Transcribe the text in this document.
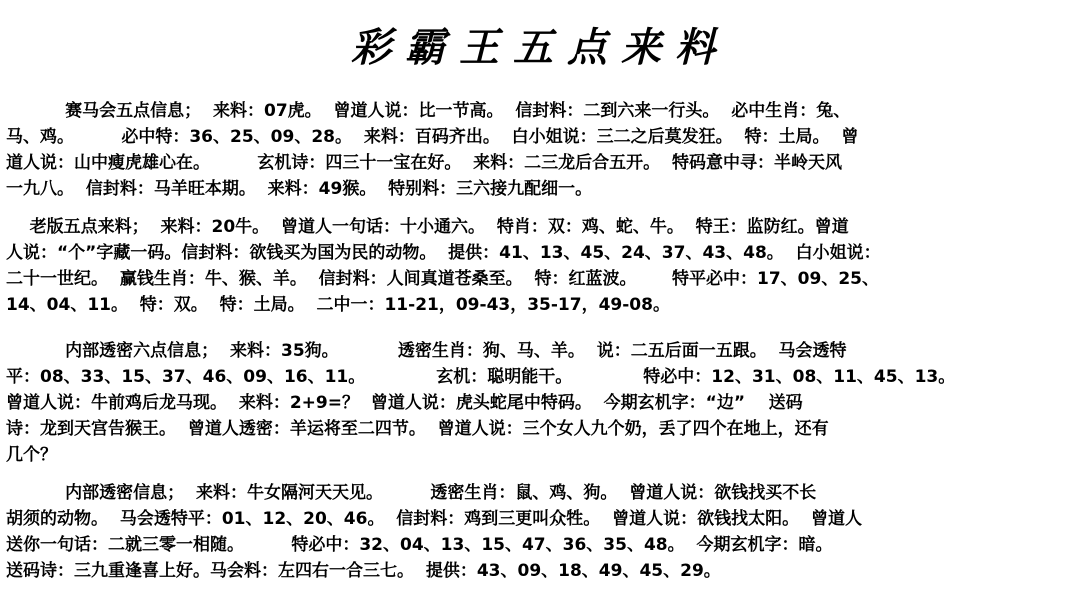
彩霸王五点来料
赛马会五点信息；  来料：07虎。  曾道人说：比一节高。  信封料：二到六来一行头。  必中生肖：兔、
马、鸡。        必中特：36、25、09、28。  来料：百码齐出。  白小姐说：三二之后莫发狂。  特：土局。  曾
道人说：山中瘦虎雄心在。        玄机诗：四三十一宝在好。  来料：二三龙后合五开。  特码意中寻：半岭天风
一九八。  信封料：马羊旺本期。  来料：49猴。  特别料：三六接九配细一。
老版五点来料；  来料：20牛。  曾道人一句话：十小通六。  特肖：双：鸡、蛇、牛。  特王：监防红。曾道
人说：“个”字藏一码。信封料：欲钱买为国为民的动物。  提供：41、13、45、24、37、43、48。  白小姐说：
二十一世纪。  赢钱生肖：牛、猴、羊。  信封料：人间真道苍桑至。  特：红蓝波。      特平必中：17、09、25、
14、04、11。  特：双。  特：土局。  二中一：11-21，09-43，35-17，49-08。
内部透密六点信息；  来料：35狗。          透密生肖：狗、马、羊。  说：二五后面一五跟。  马会透特
平：08、33、15、37、46、09、16、11。            玄机：聪明能干。            特必中：12、31、08、11、45、13。
曾道人说：牛前鸡后龙马现。  来料：2+9=？  曾道人说：虎头蛇尾中特码。  今期玄机字：“边”    送码
诗：龙到天宫告猴王。  曾道人透密：羊运将至二四节。  曾道人说：三个女人九个奶，丢了四个在地上，还有
几个？
内部透密信息；  来料：牛女隔河天天见。        透密生肖：鼠、鸡、狗。  曾道人说：欲钱找买不长
胡须的动物。  马会透特平：01、12、20、46。  信封料：鸡到三更叫众牲。  曾道人说：欲钱找太阳。  曾道人
送你一句话：二就三零一相随。        特必中：32、04、13、15、47、36、35、48。  今期玄机字：暗。
送码诗：三九重逢喜上好。马会料：左四右一合三七。  提供：43、09、18、49、45、29。
